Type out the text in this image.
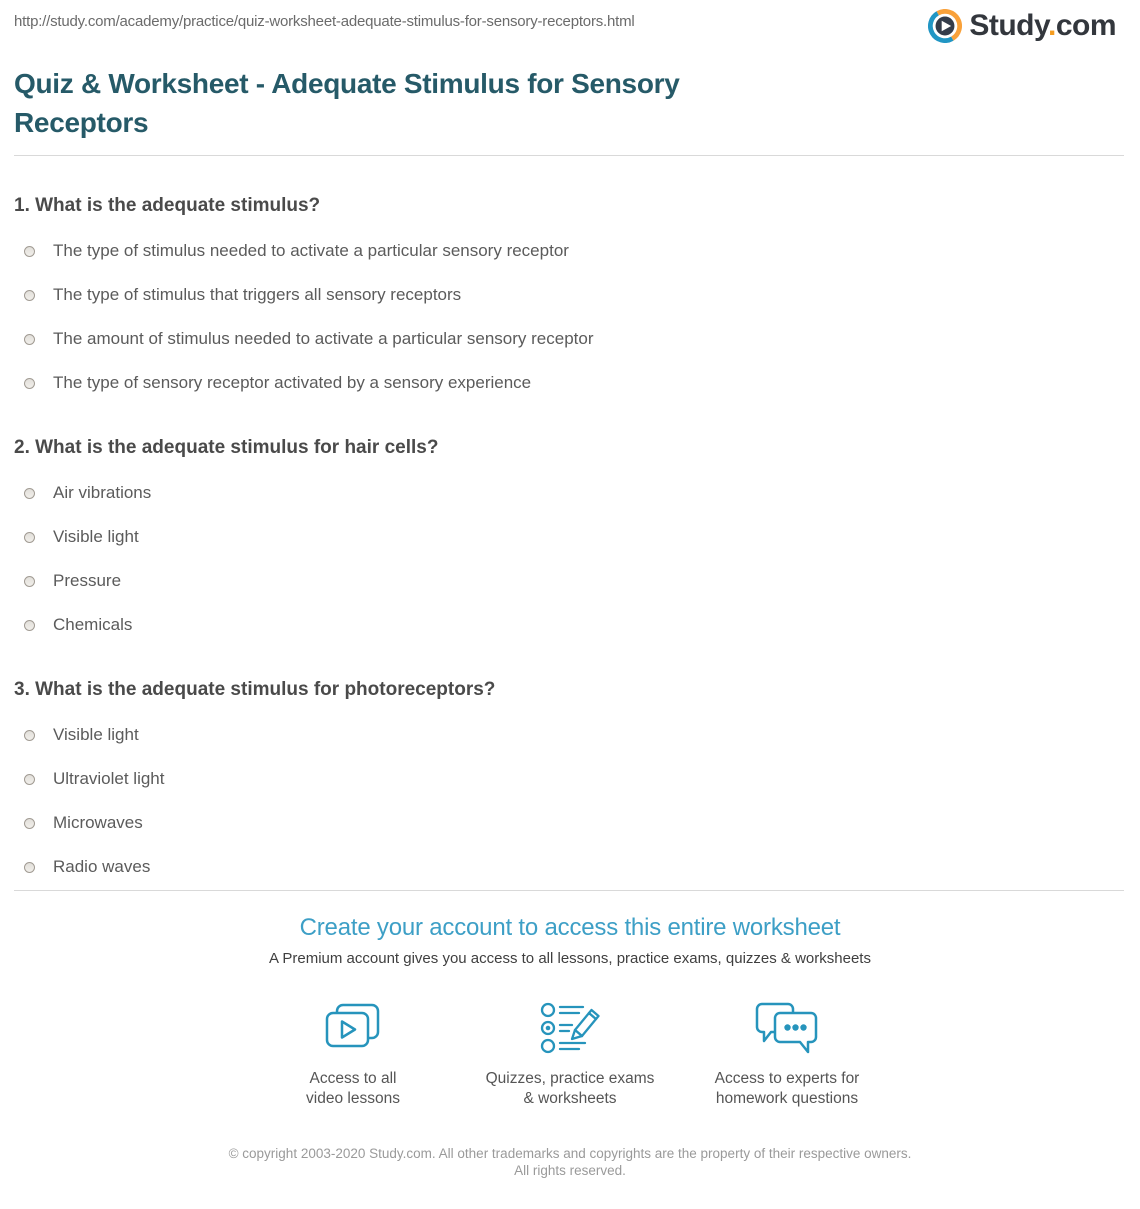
http://study.com/academy/practice/quiz-worksheet-adequate-stimulus-for-sensory-receptors.html	Study.com
Quiz & Worksheet - Adequate Stimulus for Sensory
Receptors
1. What is the adequate stimulus?
The type of stimulus needed to activate a particular sensory receptor
The type of stimulus that triggers all sensory receptors
The amount of stimulus needed to activate a particular sensory receptor
The type of sensory receptor activated by a sensory experience
2. What is the adequate stimulus for hair cells?
Air vibrations
Visible light
Pressure
Chemicals
3. What is the adequate stimulus for photoreceptors?
Visible light
Ultraviolet light
Microwaves
Radio waves
Create your account to access this entire worksheet
A Premium account gives you access to all lessons, practice exams, quizzes & worksheets
Access to all
video lessons
Quizzes, practice exams
& worksheets
Access to experts for
homework questions
© copyright 2003-2020 Study.com. All other trademarks and copyrights are the property of their respective owners. All rights reserved.
